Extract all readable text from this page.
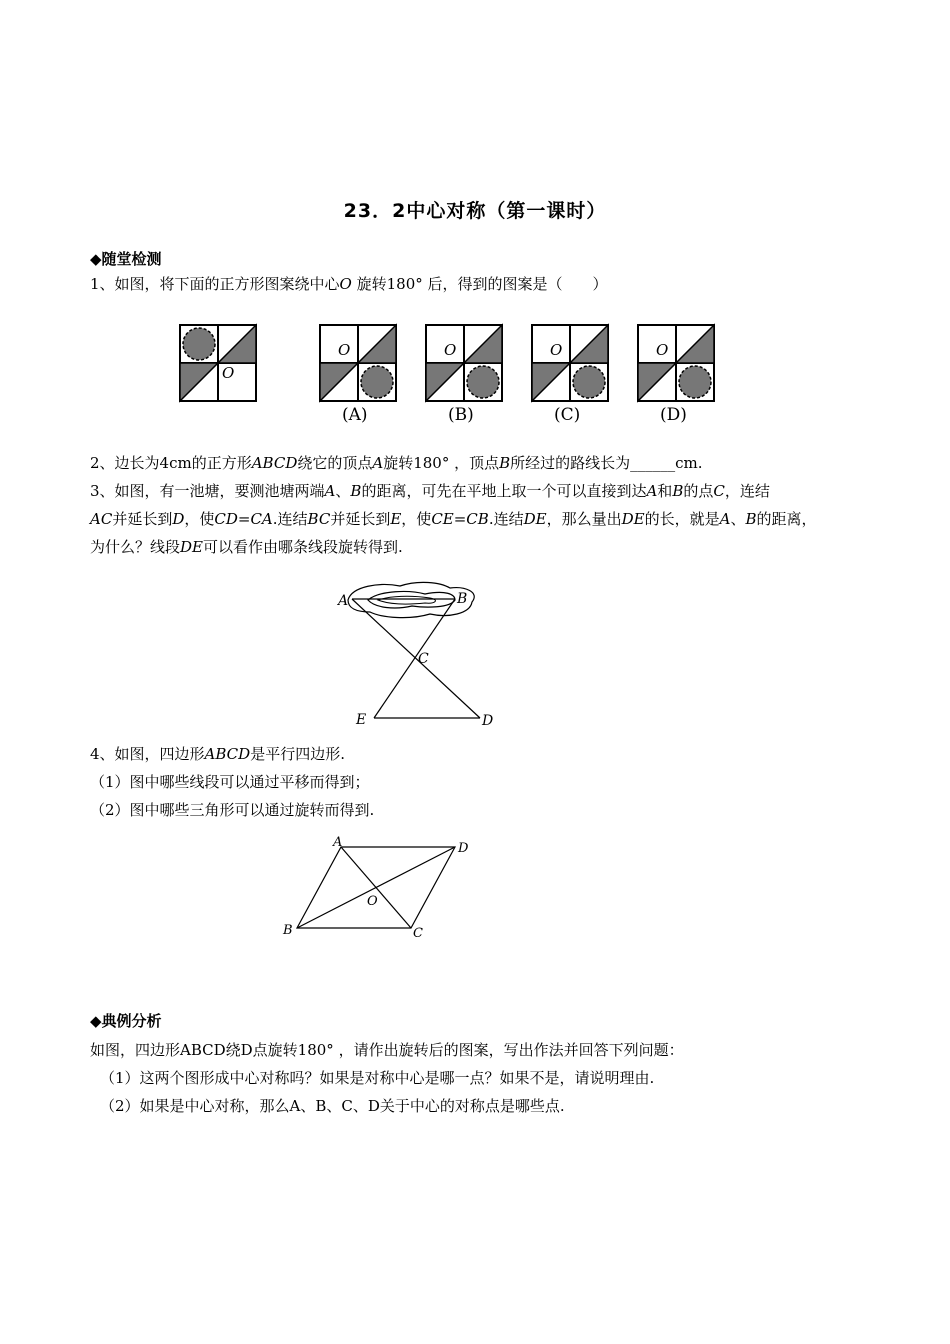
23．2中心对称（第一课时）
◆随堂检测
1、如图，将下面的正方形图案绕中心O 旋转180° 后，得到的图案是（　　）
O
O
(A)
O
(B)
O
(C)
O
(D)
2、边长为4cm的正方形ABCD绕它的顶点A旋转180° ，顶点B所经过的路线长为______cm.
3、如图，有一池塘，要测池塘两端A、B的距离，可先在平地上取一个可以直接到达A和B的点C，连结
AC并延长到D，使CD=CA.连结BC并延长到E，使CE=CB.连结DE，那么量出DE的长，就是A、B的距离，
为什么？线段DE可以看作由哪条线段旋转得到.
A	B
C
E	D
4、如图，四边形ABCD是平行四边形.
（1）图中哪些线段可以通过平移而得到；
（2）图中哪些三角形可以通过旋转而得到.
A	D
O
B	C
◆典例分析
如图，四边形ABCD绕D点旋转180° ，请作出旋转后的图案，写出作法并回答下列问题：
（1）这两个图形成中心对称吗？如果是对称中心是哪一点？如果不是，请说明理由.
（2）如果是中心对称，那么A、B、C、D关于中心的对称点是哪些点.
